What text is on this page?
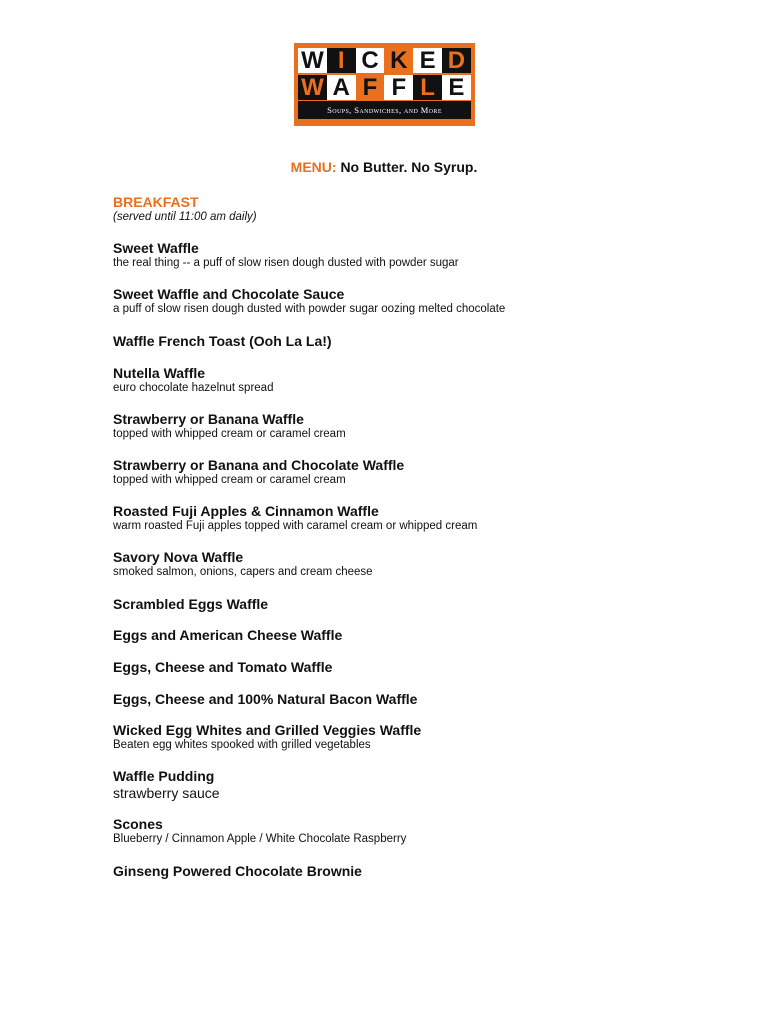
W I C K E D
W A F F L E
Soups, Sandwiches, and More
MENU: No Butter. No Syrup.
BREAKFAST
(served until 11:00 am daily)
Sweet Waffle
the real thing -- a puff of slow risen dough dusted with powder sugar
Sweet Waffle and Chocolate Sauce
a puff of slow risen dough dusted with powder sugar oozing melted chocolate
Waffle French Toast (Ooh La La!)
Nutella Waffle
euro chocolate hazelnut spread
Strawberry or Banana Waffle
topped with whipped cream or caramel cream
Strawberry or Banana and Chocolate Waffle
topped with whipped cream or caramel cream
Roasted Fuji Apples & Cinnamon Waffle
warm roasted Fuji apples topped with caramel cream or whipped cream
Savory Nova Waffle
smoked salmon, onions, capers and cream cheese
Scrambled Eggs Waffle
Eggs and American Cheese Waffle
Eggs, Cheese and Tomato Waffle
Eggs, Cheese and 100% Natural Bacon Waffle
Wicked Egg Whites and Grilled Veggies Waffle
Beaten egg whites spooked with grilled vegetables
Waffle Pudding
strawberry sauce
Scones
Blueberry / Cinnamon Apple / White Chocolate Raspberry
Ginseng Powered Chocolate Brownie
